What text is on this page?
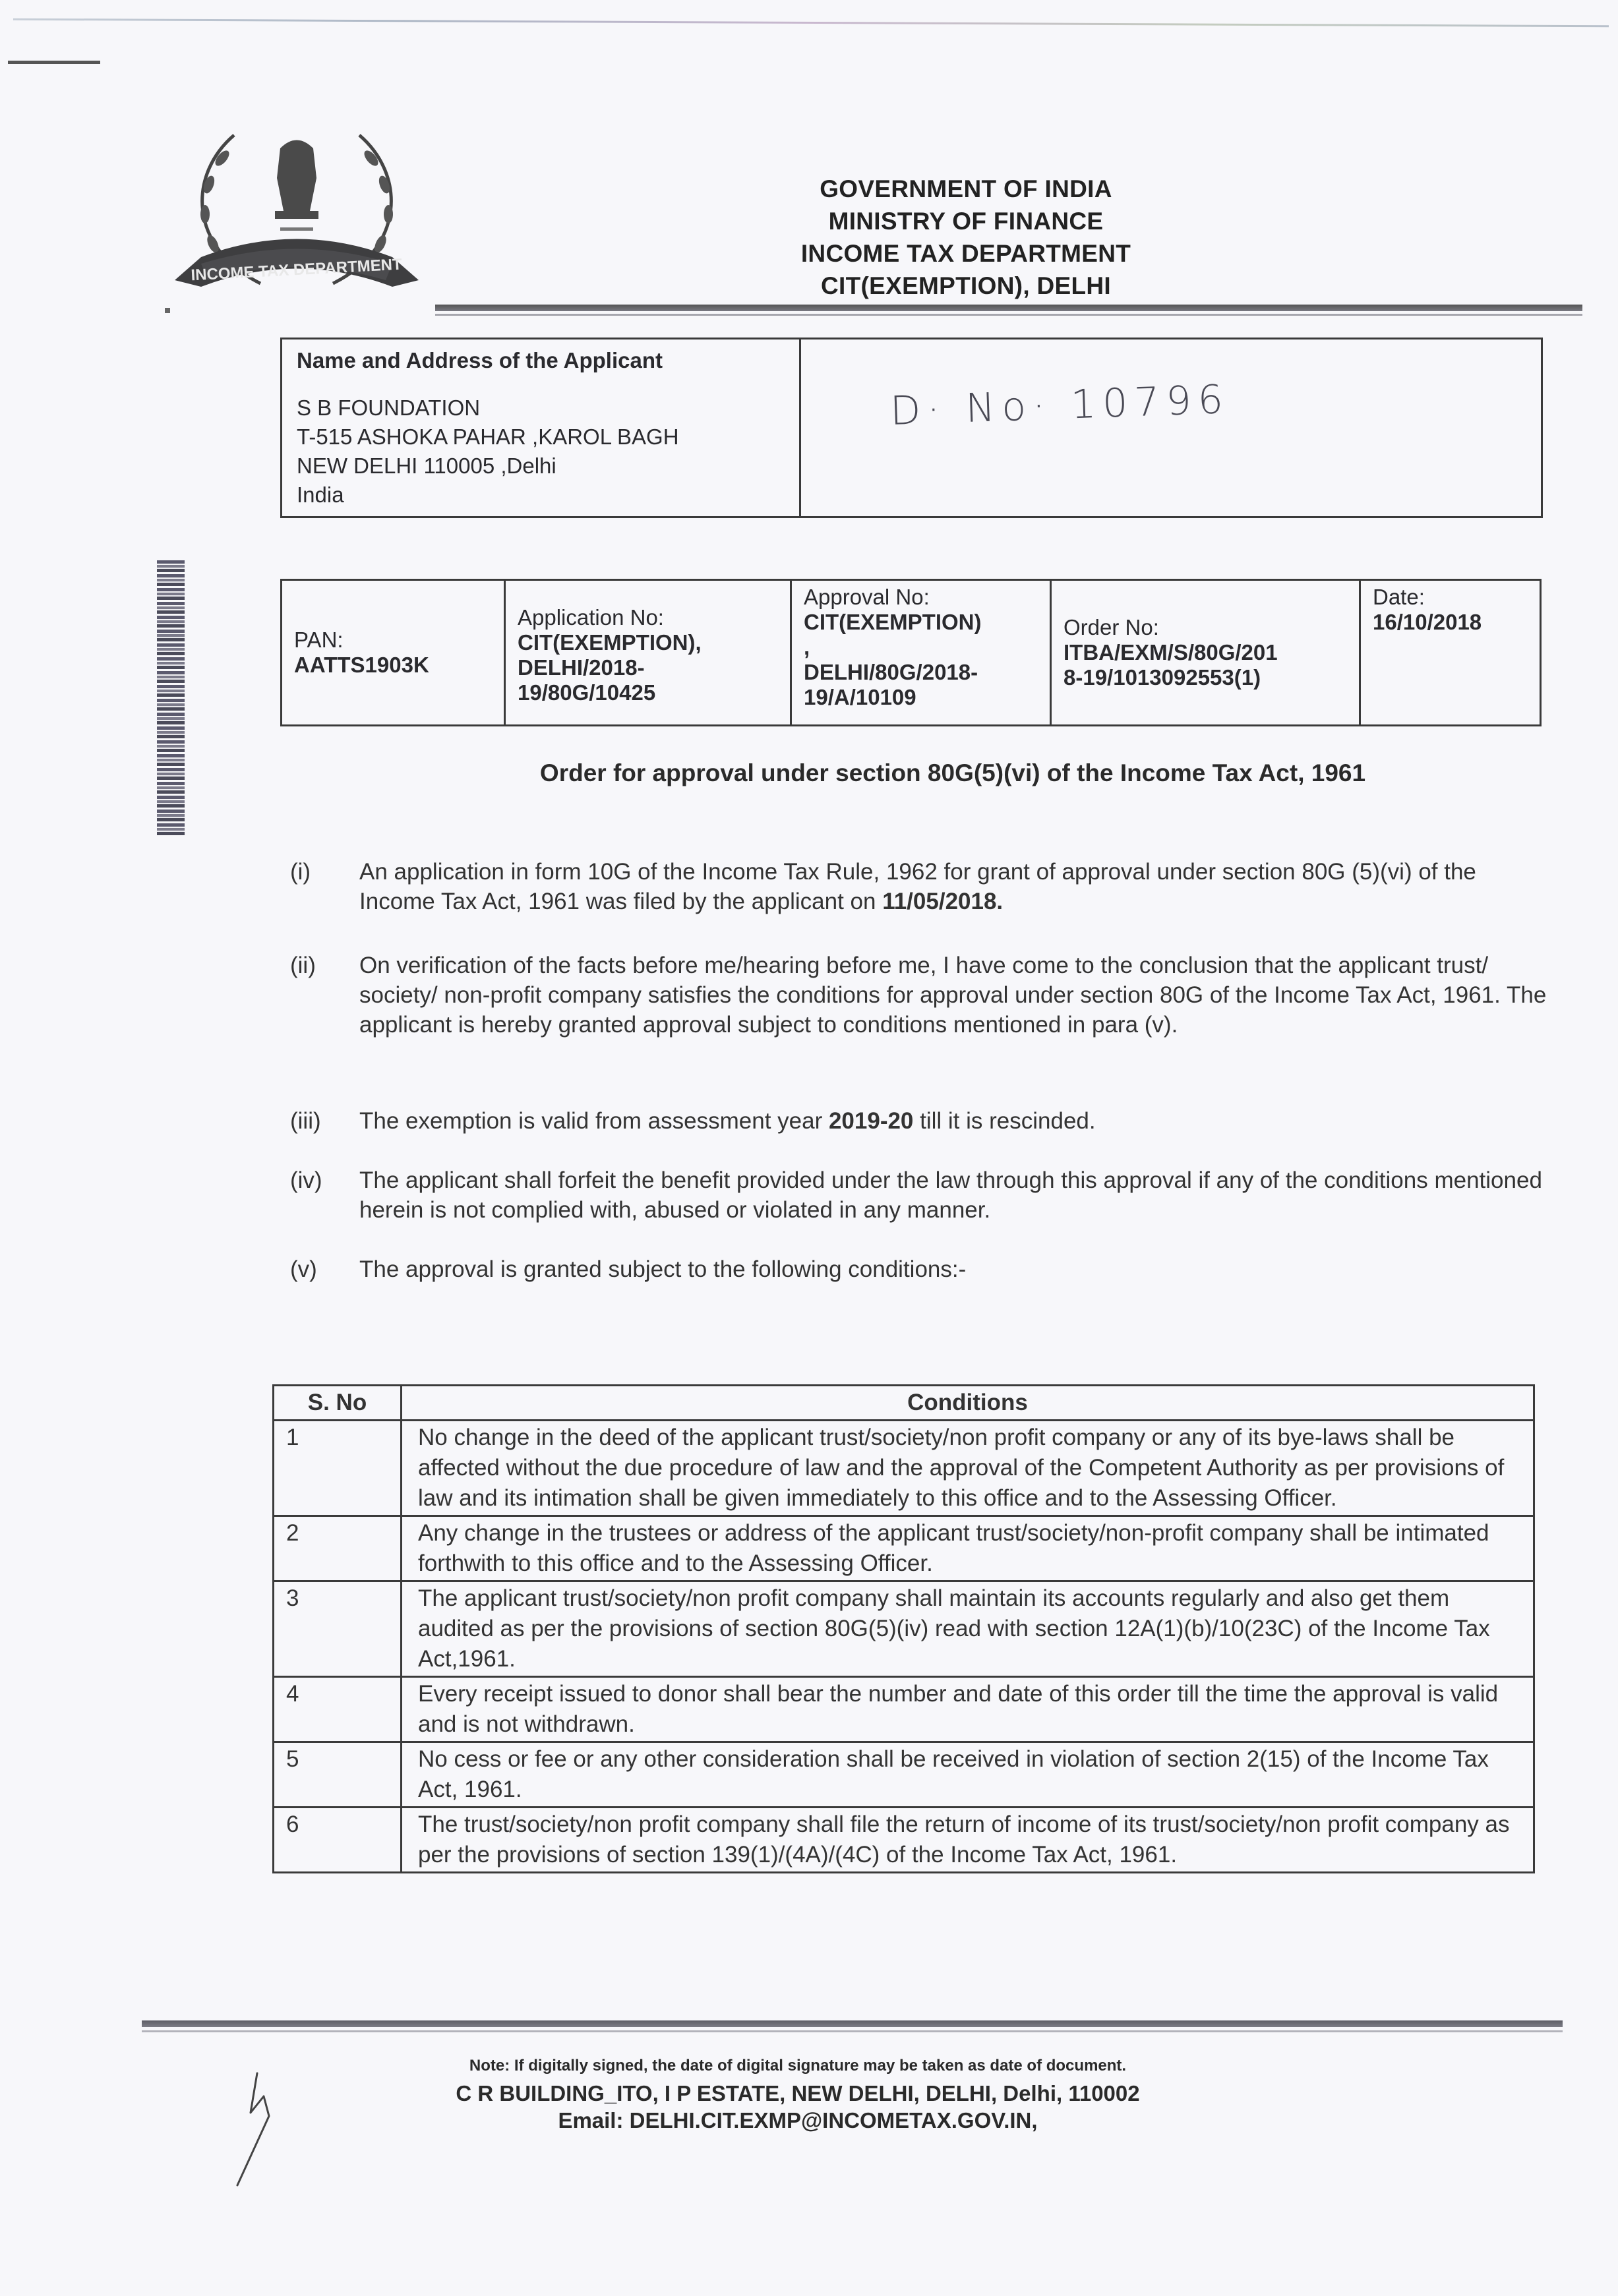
INCOME TAX DEPARTMENT
GOVERNMENT OF INDIA
MINISTRY OF FINANCE
INCOME TAX DEPARTMENT
CIT(EXEMPTION), DELHI
Name and Address of the Applicant
S B FOUNDATION
T-515 ASHOKA PAHAR ,KAROL BAGH
NEW DELHI 110005 ,Delhi
India

D· No· 10796
PAN:
AATTS1903K
	Application No:
CIT(EXEMPTION),
DELHI/2018-
19/80G/10425
	Approval No:
CIT(EXEMPTION)
,
DELHI/80G/2018-
19/A/10109
	Order No:
ITBA/EXM/S/80G/201
8-19/1013092553(1)
	Date:
16/10/2018
Order for approval under section 80G(5)(vi) of the Income Tax Act, 1961
(i)	An application in form 10G of the Income Tax Rule, 1962 for grant of approval under section 80G (5)(vi) of the Income Tax Act, 1961 was filed by the applicant on 11/05/2018.
(ii)	On verification of the facts before me/hearing before me, I have come to the conclusion that the applicant trust/ society/ non-profit company satisfies the conditions for approval under section 80G of the Income Tax Act, 1961. The applicant is hereby granted approval subject to conditions mentioned in para (v).
(iii)	The exemption is valid from assessment year 2019-20 till it is rescinded.
(iv)	The applicant shall forfeit the benefit provided under the law through this approval if any of the conditions mentioned herein is not complied with, abused or violated in any manner.
(v)	The approval is granted subject to the following conditions:-
S. No	Conditions
1	No change in the deed of the applicant trust/society/non profit company or any of its bye-laws shall be affected without the due procedure of law and the approval of the Competent Authority as per provisions of law and its intimation shall be given immediately to this office and to the Assessing Officer.
2	Any change in the trustees or address of the applicant trust/society/non-profit company shall be intimated forthwith to this office and to the Assessing Officer.
3	The applicant trust/society/non profit company shall maintain its accounts regularly and also get them audited as per the provisions of section 80G(5)(iv) read with section 12A(1)(b)/10(23C) of the Income Tax Act,1961.
4	Every receipt issued to donor shall bear the number and date of this order till the time the approval is valid and is not withdrawn.
5	No cess or fee or any other consideration shall be received in violation of section 2(15) of the Income Tax Act, 1961.
6	The trust/society/non profit company shall file the return of income of its trust/society/non profit company as per the provisions of section 139(1)/(4A)/(4C) of the Income Tax Act, 1961.
Note: If digitally signed, the date of digital signature may be taken as date of document.
C R BUILDING_ITO, I P ESTATE, NEW DELHI, DELHI, Delhi, 110002
Email: DELHI.CIT.EXMP@INCOMETAX.GOV.IN,
